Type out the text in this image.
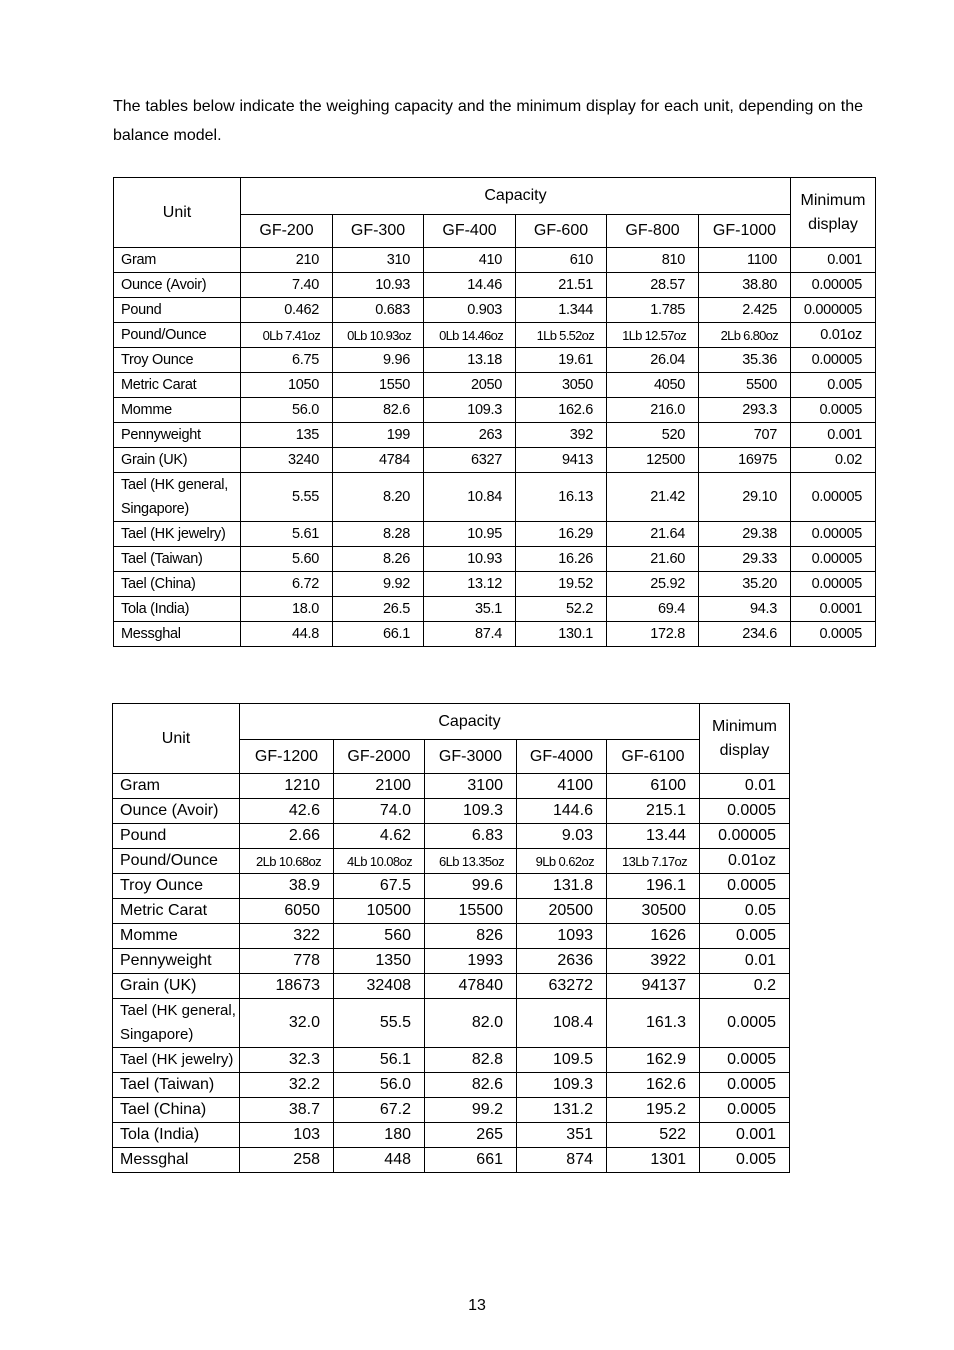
The tables below indicate the weighing capacity and the minimum display for each unit, depending on the balance model.
Unit	Capacity						Minimum display
	GF-200	GF-300	GF-400	GF-600	GF-800	GF-1000	
Gram	210	310	410	610	810	1100	0.001
Ounce (Avoir)	7.40	10.93	14.46	21.51	28.57	38.80	0.00005
Pound	0.462	0.683	0.903	1.344	1.785	2.425	0.000005
Pound/Ounce	0Lb 7.41oz	0Lb 10.93oz	0Lb 14.46oz	1Lb 5.52oz	1Lb 12.57oz	2Lb 6.80oz	0.01oz
Troy Ounce	6.75	9.96	13.18	19.61	26.04	35.36	0.00005
Metric Carat	1050	1550	2050	3050	4050	5500	0.005
Momme	56.0	82.6	109.3	162.6	216.0	293.3	0.0005
Pennyweight	135	199	263	392	520	707	0.001
Grain (UK)	3240	4784	6327	9413	12500	16975	0.02
Tael (HK general, Singapore)	5.55	8.20	10.84	16.13	21.42	29.10	0.00005
Tael (HK jewelry)	5.61	8.28	10.95	16.29	21.64	29.38	0.00005
Tael (Taiwan)	5.60	8.26	10.93	16.26	21.60	29.33	0.00005
Tael (China)	6.72	9.92	13.12	19.52	25.92	35.20	0.00005
Tola (India)	18.0	26.5	35.1	52.2	69.4	94.3	0.0001
Messghal	44.8	66.1	87.4	130.1	172.8	234.6	0.0005
Unit	Capacity					Minimum display
	GF-1200	GF-2000	GF-3000	GF-4000	GF-6100	
Gram	1210	2100	3100	4100	6100	0.01
Ounce (Avoir)	42.6	74.0	109.3	144.6	215.1	0.0005
Pound	2.66	4.62	6.83	9.03	13.44	0.00005
Pound/Ounce	2Lb 10.68oz	4Lb 10.08oz	6Lb 13.35oz	9Lb 0.62oz	13Lb 7.17oz	0.01oz
Troy Ounce	38.9	67.5	99.6	131.8	196.1	0.0005
Metric Carat	6050	10500	15500	20500	30500	0.05
Momme	322	560	826	1093	1626	0.005
Pennyweight	778	1350	1993	2636	3922	0.01
Grain (UK)	18673	32408	47840	63272	94137	0.2
Tael (HK general, Singapore)	32.0	55.5	82.0	108.4	161.3	0.0005
Tael (HK jewelry)	32.3	56.1	82.8	109.5	162.9	0.0005
Tael (Taiwan)	32.2	56.0	82.6	109.3	162.6	0.0005
Tael (China)	38.7	67.2	99.2	131.2	195.2	0.0005
Tola (India)	103	180	265	351	522	0.001
Messghal	258	448	661	874	1301	0.005
13
